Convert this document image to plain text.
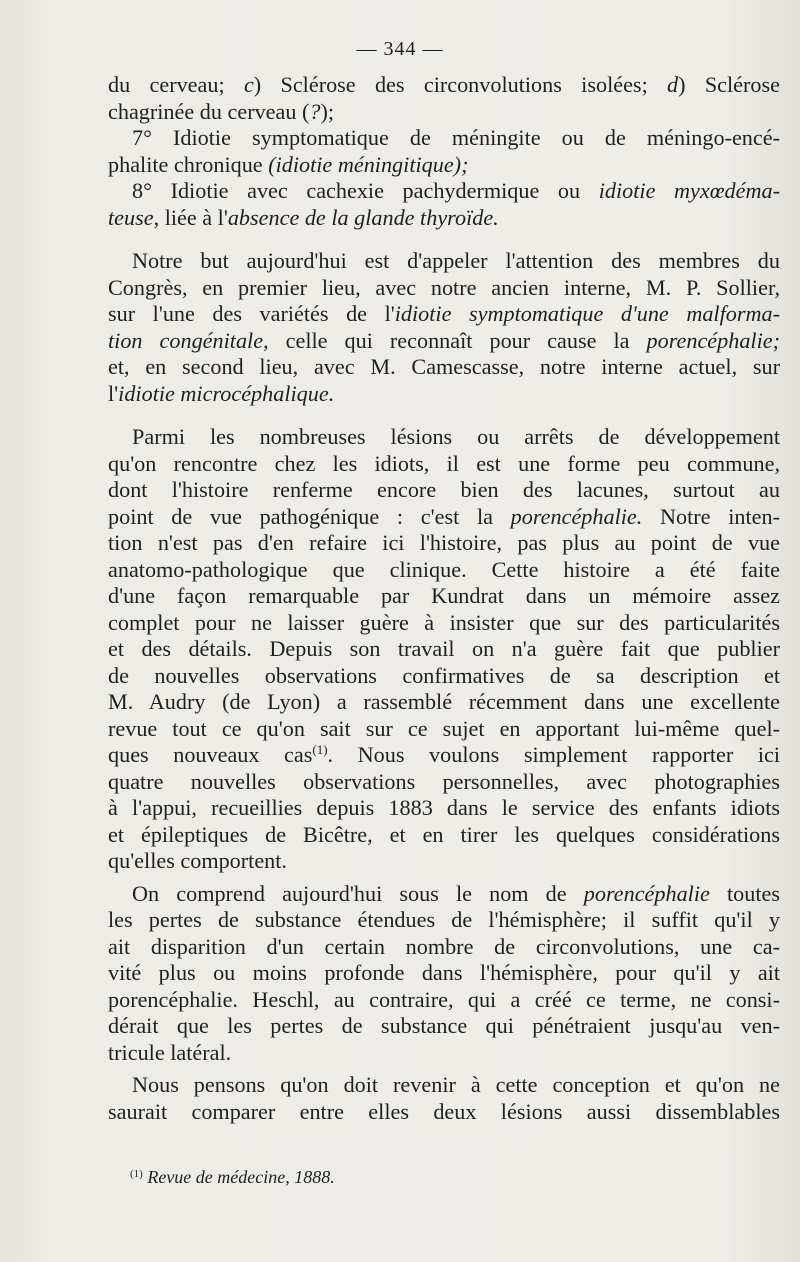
— 344 —

du cerveau; c) Sclérose des circonvolutions isolées; d) Sclérose
chagrinée du cerveau (?);
7° Idiotie symptomatique de méningite ou de méningo-encé-
phalite chronique (idiotie méningitique);
8° Idiotie avec cachexie pachydermique ou idiotie myxœdéma-
teuse, liée à l'absence de la glande thyroïde.

Notre but aujourd'hui est d'appeler l'attention des membres du
Congrès, en premier lieu, avec notre ancien interne, M. P. Sollier,
sur l'une des variétés de l'idiotie symptomatique d'une malforma-
tion congénitale, celle qui reconnaît pour cause la porencéphalie;
et, en second lieu, avec M. Camescasse, notre interne actuel, sur
l'idiotie microcéphalique.

Parmi les nombreuses lésions ou arrêts de développement
qu'on rencontre chez les idiots, il est une forme peu commune,
dont l'histoire renferme encore bien des lacunes, surtout au
point de vue pathogénique : c'est la porencéphalie. Notre inten-
tion n'est pas d'en refaire ici l'histoire, pas plus au point de vue
anatomo-pathologique que clinique. Cette histoire a été faite
d'une façon remarquable par Kundrat dans un mémoire assez
complet pour ne laisser guère à insister que sur des particularités
et des détails. Depuis son travail on n'a guère fait que publier
de nouvelles observations confirmatives de sa description et
M. Audry (de Lyon) a rassemblé récemment dans une excellente
revue tout ce qu'on sait sur ce sujet en apportant lui-même quel-
ques nouveaux cas$^{(1)}$. Nous voulons simplement rapporter ici
quatre nouvelles observations personnelles, avec photographies
à l'appui, recueillies depuis 1883 dans le service des enfants idiots
et épileptiques de Bicêtre, et en tirer les quelques considérations
qu'elles comportent.

On comprend aujourd'hui sous le nom de porencéphalie toutes
les pertes de substance étendues de l'hémisphère; il suffit qu'il y
ait disparition d'un certain nombre de circonvolutions, une ca-
vité plus ou moins profonde dans l'hémisphère, pour qu'il y ait
porencéphalie. Heschl, au contraire, qui a créé ce terme, ne consi-
dérait que les pertes de substance qui pénétraient jusqu'au ven-
tricule latéral.

Nous pensons qu'on doit revenir à cette conception et qu'on ne
saurait comparer entre elles deux lésions aussi dissemblables

$^{(1)}$ Revue de médecine, 1888.
